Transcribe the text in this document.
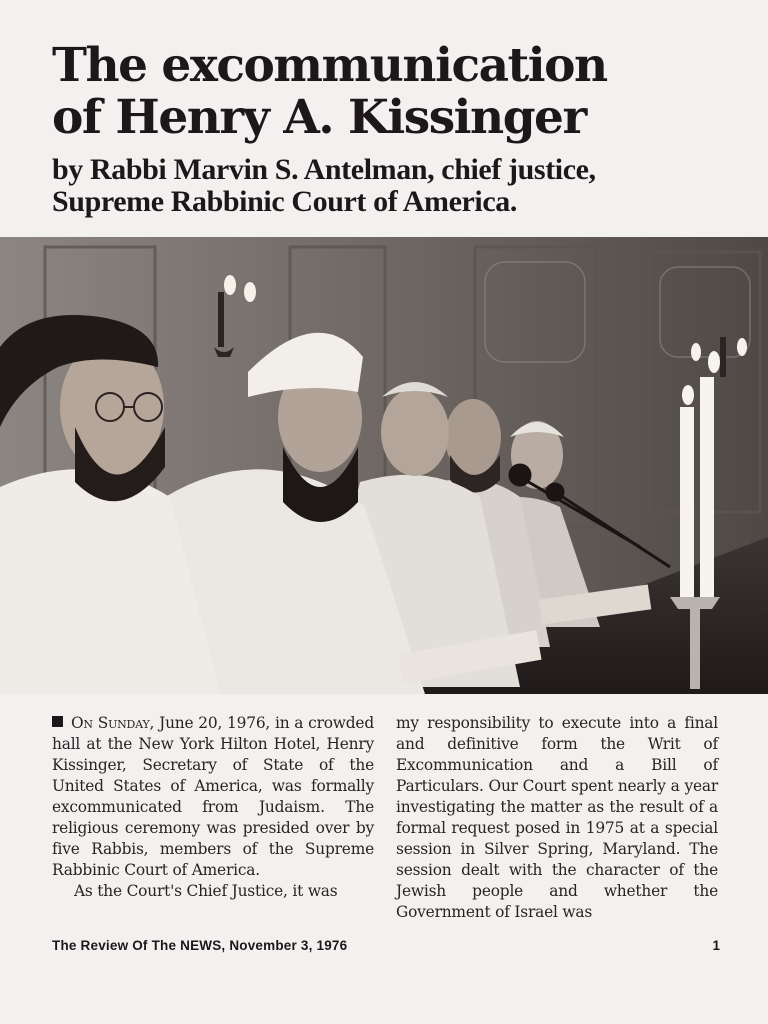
The excommunication
of Henry A. Kissinger
by Rabbi Marvin S. Antelman, chief justice,
Supreme Rabbinic Court of America.

On Sunday, June 20, 1976, in a crowded hall at the New York Hilton Hotel, Henry Kissinger, Secretary of State of the United States of America, was formally excommunicated from Judaism. The religious ceremony was presided over by five Rabbis, members of the Supreme Rabbinic Court of America.

As the Court's Chief Justice, it was

my responsibility to execute into a final and definitive form the Writ of Excommunication and a Bill of Particulars. Our Court spent nearly a year investigating the matter as the result of a formal request posed in 1975 at a special session in Silver Spring, Maryland. The session dealt with the character of the Jewish people and whether the Government of Israel was

The Review Of The NEWS, November 3, 1976	1
